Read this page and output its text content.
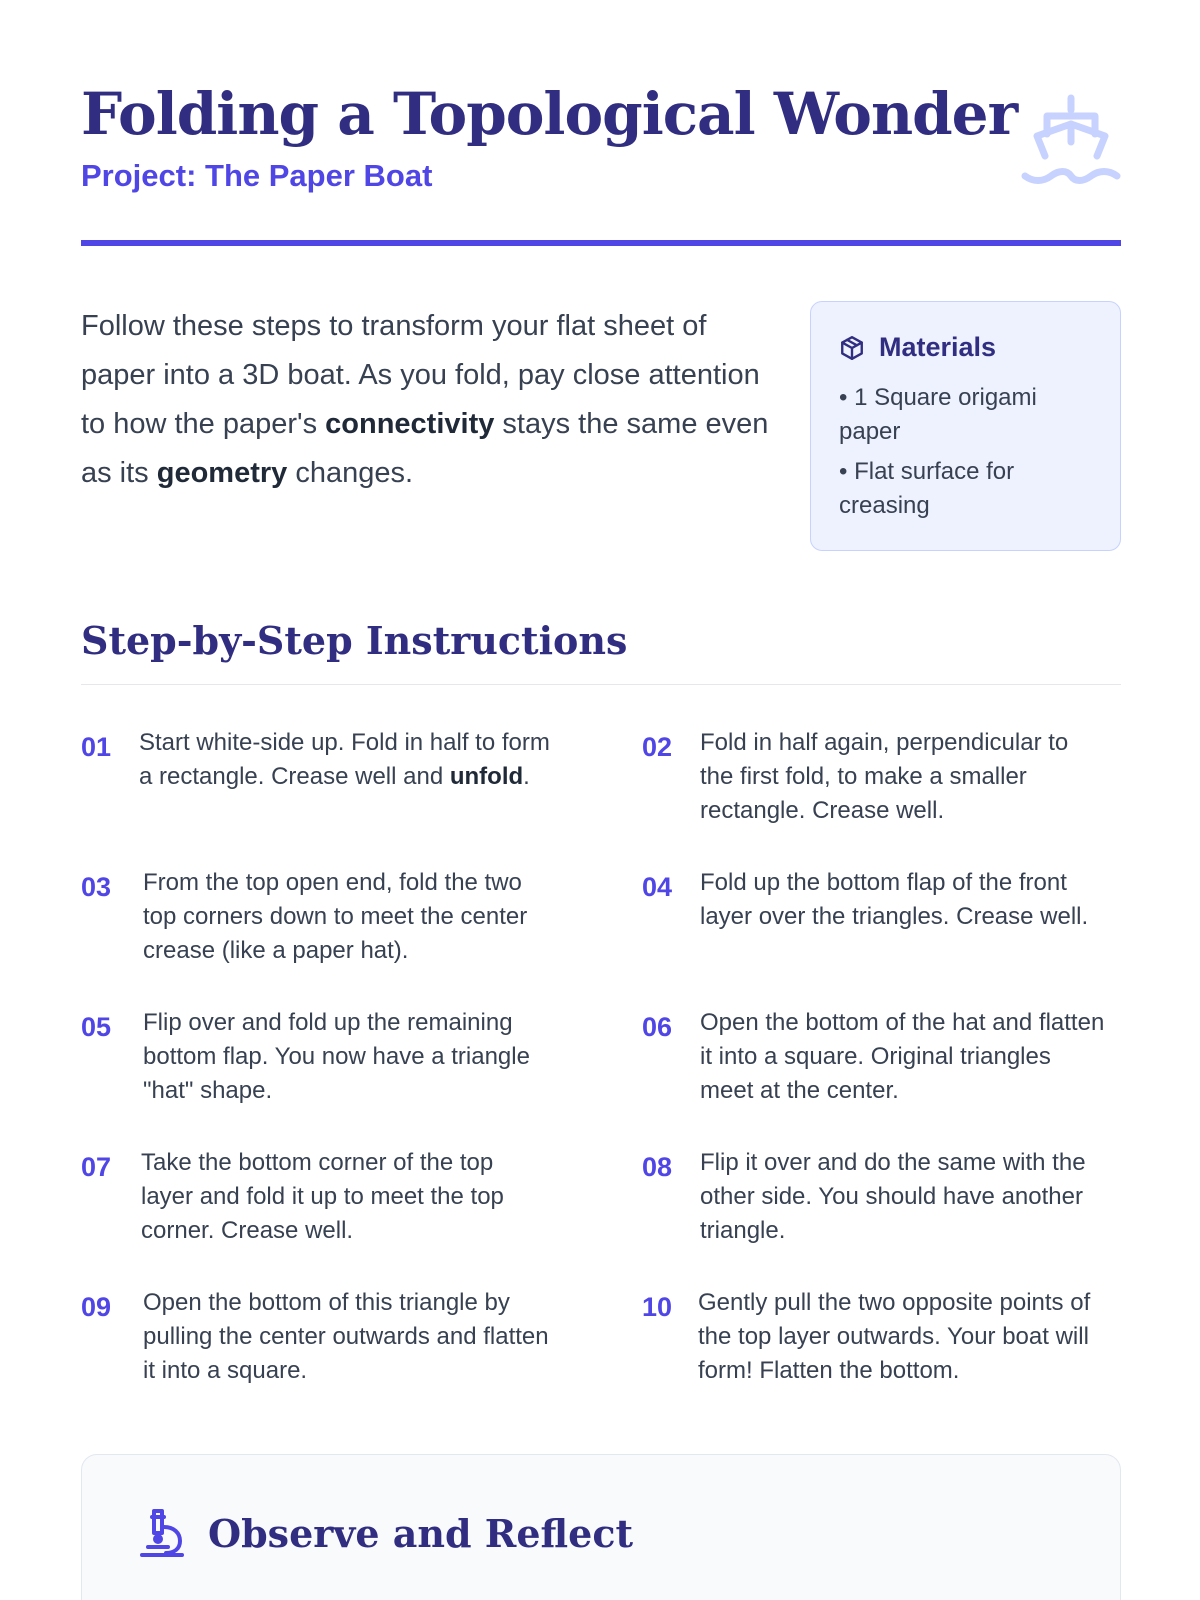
Folding a Topological Wonder
Project: The Paper Boat

Follow these steps to transform your flat sheet of paper into a 3D boat. As you fold, pay close attention to how the paper's connectivity stays the same even as its geometry changes.

Materials
• 1 Square origami paper
• Flat surface for creasing
Step-by-Step Instructions
01	Start white-side up. Fold in half to form a rectangle. Crease well and unfold.
02	Fold in half again, perpendicular to the first fold, to make a smaller rectangle. Crease well.
03	From the top open end, fold the two top corners down to meet the center crease (like a paper hat).
04	Fold up the bottom flap of the front layer over the triangles. Crease well.
05	Flip over and fold up the remaining bottom flap. You now have a triangle "hat" shape.
06	Open the bottom of the hat and flatten it into a square. Original triangles meet at the center.
07	Take the bottom corner of the top layer and fold it up to meet the top corner. Crease well.
08	Flip it over and do the same with the other side. You should have another triangle.
09	Open the bottom of this triangle by pulling the center outwards and flatten it into a square.
10	Gently pull the two opposite points of the top layer outwards. Your boat will form! Flatten the bottom.
Observe and Reflect
